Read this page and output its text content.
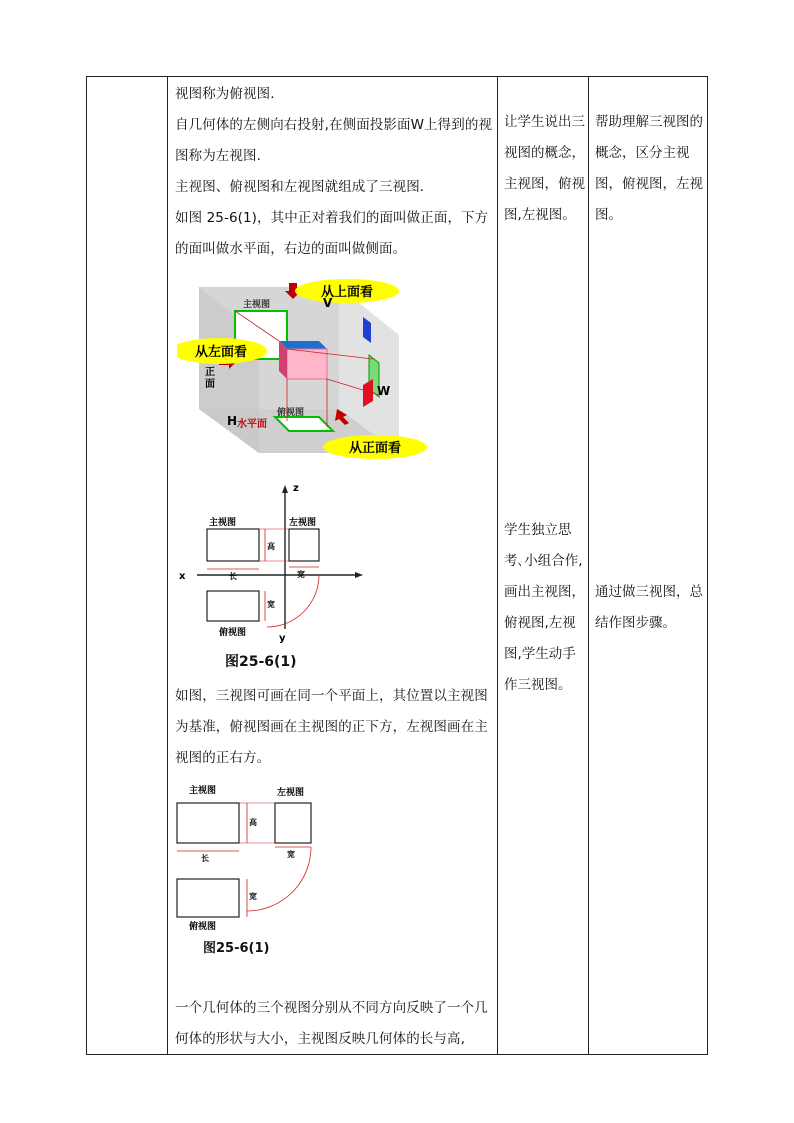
视图称为俯视图.
自几何体的左侧向右投射,在侧面投影面W上得到的视图称为左视图.
主视图、俯视图和左视图就组成了三视图.
如图 25-6(1)，其中正对着我们的面叫做正面，下方的面叫做水平面，右边的面叫做侧面。
从上面看
从左面看
从正面看
主视图
俯视图
V
W
H 水平面
正
面
z
x
y
主视图	左视图
俯视图
高
长	宽
宽
图25-6(1)
如图，三视图可画在同一个平面上，其位置以主视图为基准，俯视图画在主视图的正下方，左视图画在主视图的正右方。
主视图	左视图
俯视图
高
长	宽
宽
图25-6(1)
一个几何体的三个视图分别从不同方向反映了一个几何体的形状与大小，主视图反映几何体的长与高,
让学生说出三视图的概念，主视图，俯视图,左视图。
学生独立思考､小组合作,画出主视图，俯视图,左视图,学生动手作三视图。
帮助理解三视图的概念，区分主视图，俯视图，左视图。
通过做三视图，总结作图步骤。
